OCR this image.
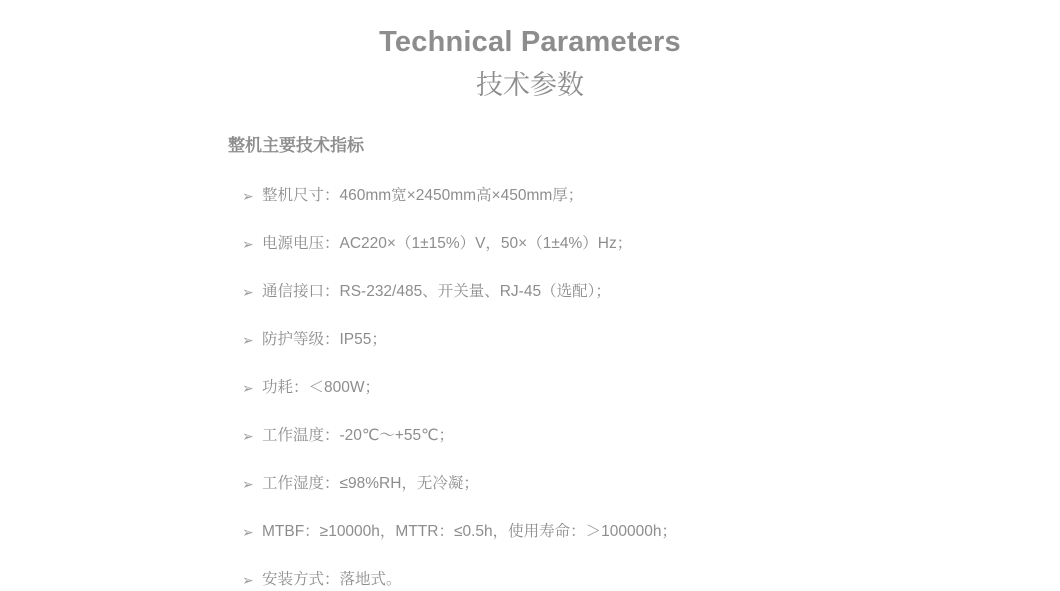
Technical Parameters
技术参数
整机主要技术指标
➢ 整机尺寸：460mm宽×2450mm高×450mm厚；
➢ 电源电压：AC220×（1±15%）V，50×（1±4%）Hz；
➢ 通信接口：RS-232/485、开关量、RJ-45（选配）；
➢ 防护等级：IP55；
➢ 功耗：＜800W；
➢ 工作温度：-20℃～+55℃；
➢ 工作湿度：≤98%RH，无冷凝；
➢ MTBF：≥10000h，MTTR：≤0.5h，使用寿命：＞100000h；
➢ 安装方式：落地式。
